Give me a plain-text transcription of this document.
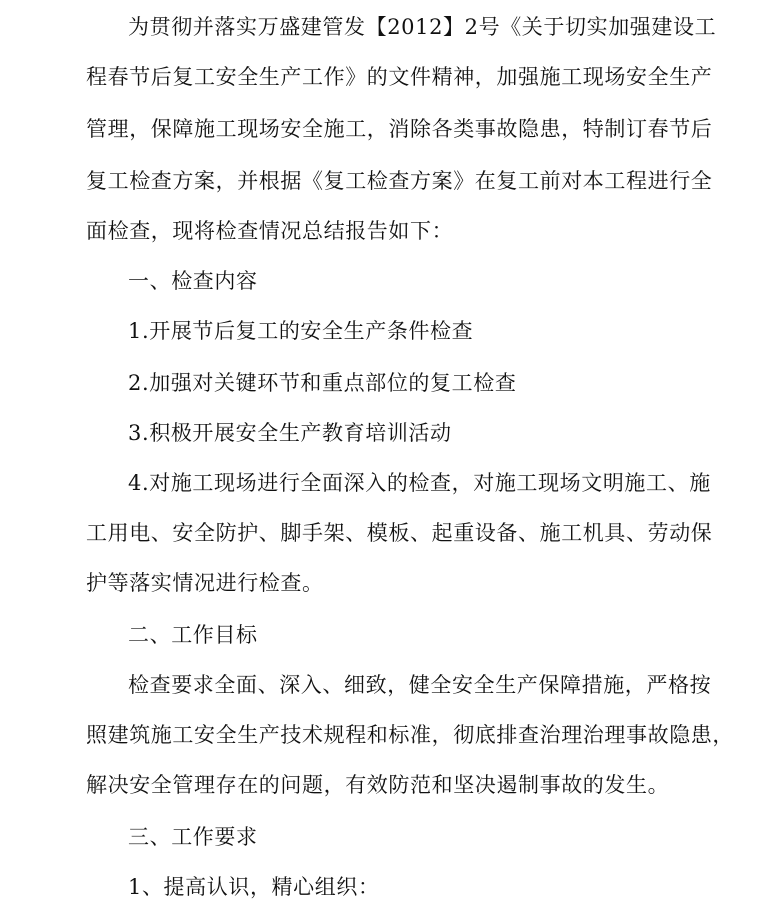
为贯彻并落实万盛建管发【2012】2号《关于切实加强建设工
程春节后复工安全生产工作》的文件精神，加强施工现场安全生产
管理，保障施工现场安全施工，消除各类事故隐患，特制订春节后
复工检查方案，并根据《复工检查方案》在复工前对本工程进行全
面检查，现将检查情况总结报告如下：
一、检查内容
1.开展节后复工的安全生产条件检查
2.加强对关键环节和重点部位的复工检查
3.积极开展安全生产教育培训活动
4.对施工现场进行全面深入的检查，对施工现场文明施工、施
工用电、安全防护、脚手架、模板、起重设备、施工机具、劳动保
护等落实情况进行检查。
二、工作目标
检查要求全面、深入、细致，健全安全生产保障措施，严格按
照建筑施工安全生产技术规程和标准，彻底排查治理治理事故隐患，
解决安全管理存在的问题，有效防范和坚决遏制事故的发生。
三、工作要求
1、提高认识，精心组织：
